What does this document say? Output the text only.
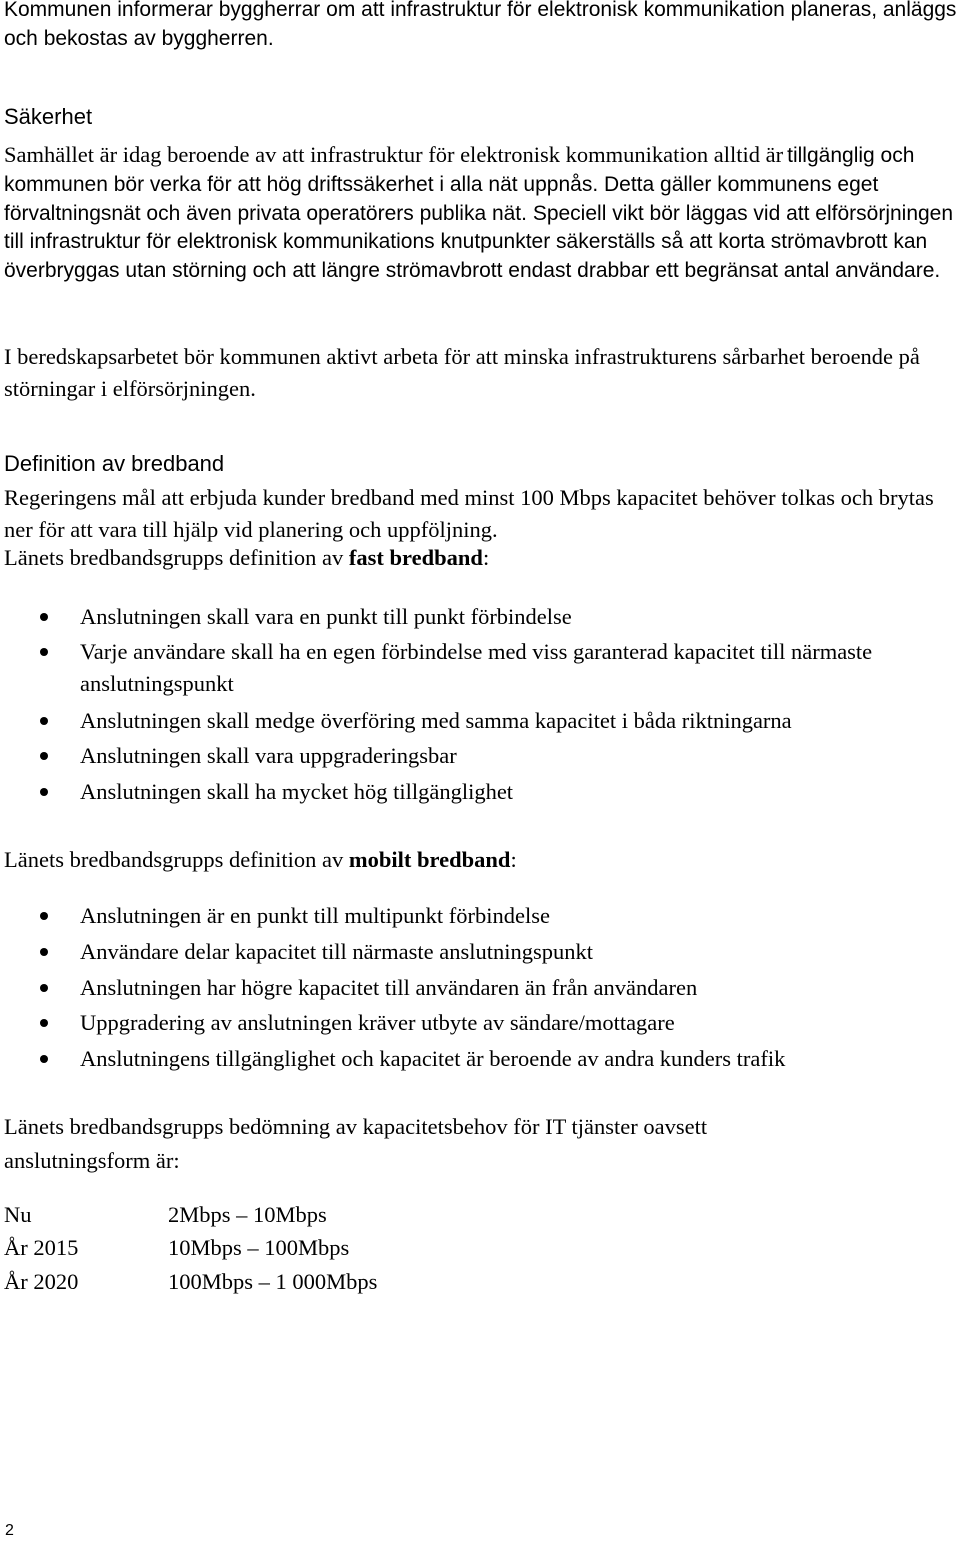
Kommunen informerar byggherrar om att infrastruktur för elektronisk kommunikation planeras, anläggs och bekostas av byggherren.

Säkerhet

Samhället är idag beroende av att infrastruktur för elektronisk kommunikation alltid är tillgänglig och kommunen bör verka för att hög driftssäkerhet i alla nät uppnås. Detta gäller kommunens eget förvaltningsnät och även privata operatörers publika nät. Speciell vikt bör läggas vid att elförsörjningen till infrastruktur för elektronisk kommunikations knutpunkter säkerställs så att korta strömavbrott kan överbryggas utan störning och att längre strömavbrott endast drabbar ett begränsat antal användare.

I beredskapsarbetet bör kommunen aktivt arbeta för att minska infrastrukturens sårbarhet beroende på störningar i elförsörjningen.

Definition av bredband

Regeringens mål att erbjuda kunder bredband med minst 100 Mbps kapacitet behöver tolkas och brytas ner för att vara till hjälp vid planering och uppföljning.

Länets bredbandsgrupps definition av fast bredband:

Anslutningen skall vara en punkt till punkt förbindelse
Varje användare skall ha en egen förbindelse med viss garanterad kapacitet till närmaste anslutningspunkt
Anslutningen skall medge överföring med samma kapacitet i båda riktningarna
Anslutningen skall vara uppgraderingsbar
Anslutningen skall ha mycket hög tillgänglighet

Länets bredbandsgrupps definition av mobilt bredband:

Anslutningen är en punkt till multipunkt förbindelse
Användare delar kapacitet till närmaste anslutningspunkt
Anslutningen har högre kapacitet till användaren än från användaren
Uppgradering av anslutningen kräver utbyte av sändare/mottagare
Anslutningens tillgänglighet och kapacitet är beroende av andra kunders trafik

Länets bredbandsgrupps bedömning av kapacitetsbehov för IT tjänster oavsett anslutningsform är:

Nu	2Mbps – 10Mbps
År 2015	10Mbps – 100Mbps
År 2020	100Mbps – 1 000Mbps
2
